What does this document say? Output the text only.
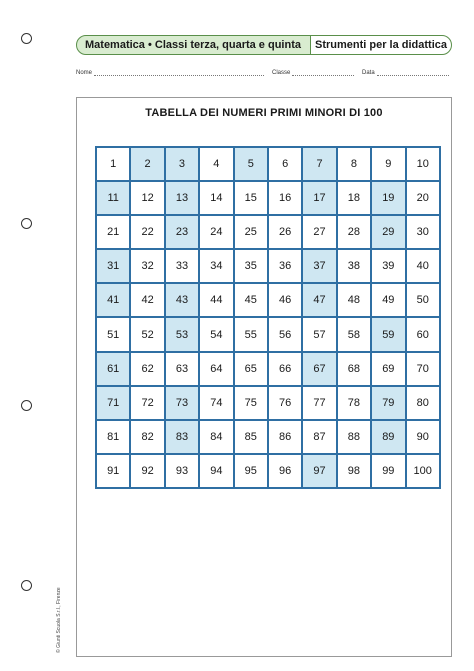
Matematica • Classi terza, quarta e quinta	Strumenti per la didattica
Nome	Classe	Data
TABELLA DEI NUMERI PRIMI MINORI DI 100
1	2	3	4	5	6	7	8	9	10
11	12	13	14	15	16	17	18	19	20
21	22	23	24	25	26	27	28	29	30
31	32	33	34	35	36	37	38	39	40
41	42	43	44	45	46	47	48	49	50
51	52	53	54	55	56	57	58	59	60
61	62	63	64	65	66	67	68	69	70
71	72	73	74	75	76	77	78	79	80
81	82	83	84	85	86	87	88	89	90
91	92	93	94	95	96	97	98	99	100
© Giunti Scuola S.r.l., Firenze
